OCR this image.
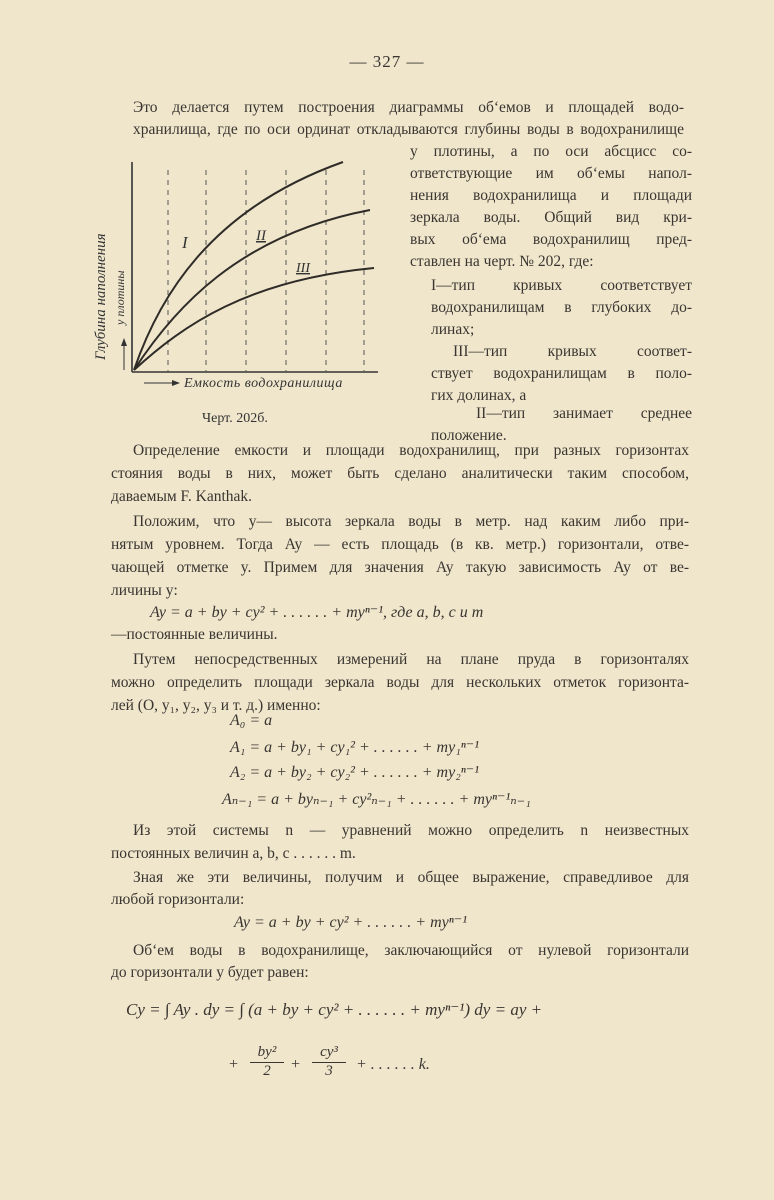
— 327 —
Это делается путем построения диаграммы об‘емов и площадей водо-
хранилища, где по оси ординат откладываются глубины воды в водохранилище
I	II
III
Глубина наполнения у плотины
Емкость водохранилища
Черт. 202б.
у плотины, а по оси абсцисс со-
ответствующие им об‘емы напол-
нения водохранилища и площади
зеркала воды. Общий вид кри-
вых об‘ема водохранилищ пред-
ставлен на черт. № 202, где:
I—тип кривых соответствует
водохранилищам в глубоких до-
линах;
III—тип кривых соответ-
ствует водохранилищам в поло-
гих долинах, а
II—тип занимает среднее
положение.
Определение емкости и площади водохранилищ, при разных горизонтах
стояния воды в них, может быть сделано аналитически таким способом,
даваемым F. Kanthak.
Положим, что y— высота зеркала воды в метр. над каким либо при-
нятым уровнем. Тогда Ay — есть площадь (в кв. метр.) горизонтали, отве-
чающей отметке y. Примем для значения Ay такую зависимость Ay от ве-
личины y:
Ay = a + by + cy² + . . . . . . + myⁿ⁻¹, где a, b, c и m
—постоянные величины.
Путем непосредственных измерений на плане пруда в горизонталях
можно определить площади зеркала воды для нескольких отметок горизонта-
лей (O, y₁, y₂, y₃ и т. д.) именно:
A₀ = a
A₁ = a + by₁ + cy₁² + . . . . . . + my₁ⁿ⁻¹
A₂ = a + by₂ + cy₂² + . . . . . . + my₂ⁿ⁻¹
Aₙ₋₁ = a + byₙ₋₁ + cy²ₙ₋₁ + . . . . . . + myⁿ⁻¹ₙ₋₁
Из этой системы n — уравнений можно определить n неизвестных
постоянных величин a, b, c . . . . . . m.
Зная же эти величины, получим и общее выражение, справедливое для
любой горизонтали:
Ay = a + by + cy² + . . . . . . + myⁿ⁻¹
Об‘ем воды в водохранилище, заключающийся от нулевой горизонтали
до горизонтали y будет равен:
Cy = ∫ Ay . dy = ∫ (a + by + cy² + . . . . . . + myⁿ⁻¹) dy = ay +
+ $\frac{\text{by²}}{2} + \frac{\text{cy³}}{3}$ + . . . . . . k.
